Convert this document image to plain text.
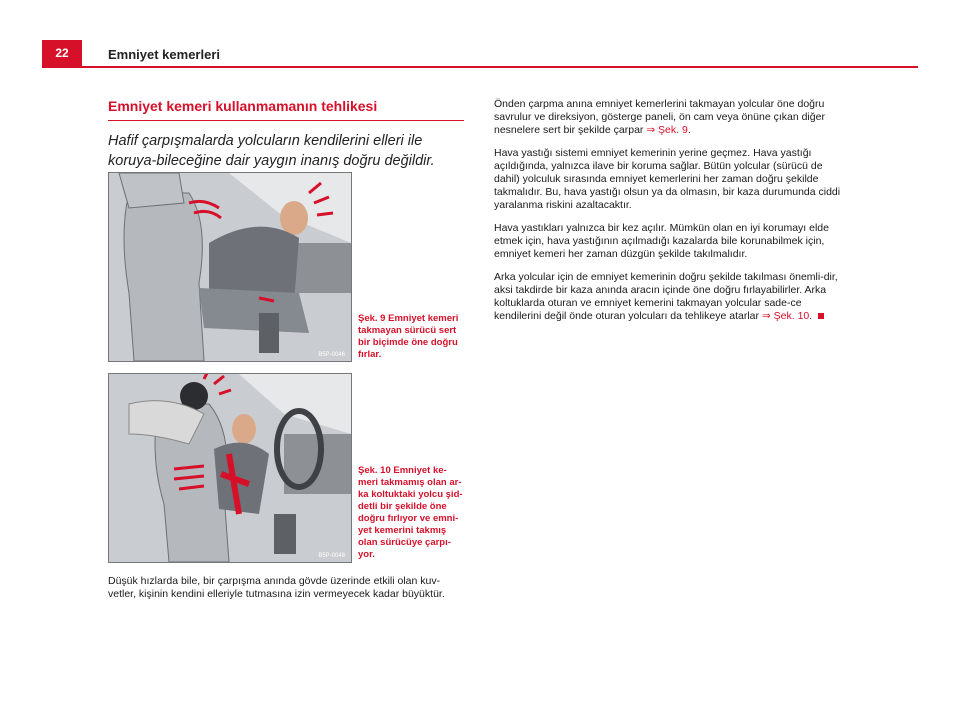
22	Emniyet kemerleri
Emniyet kemeri kullanmamanın tehlikesi

Hafif çarpışmalarda yolcuların kendilerini elleri ile koruya-bileceğine dair yaygın inanış doğru değildir.

B5P-0046

Şek. 9 Emniyet kemeri takmayan sürücü sert bir biçimde öne doğru fırlar.

B5P-0048

Şek. 10 Emniyet ke-meri takmamış olan ar-ka koltuktaki yolcu şid-detli bir şekilde öne doğru fırlıyor ve emni-yet kemerini takmış olan sürücüye çarpı-yor.

Düşük hızlarda bile, bir çarpışma anında gövde üzerinde etkili olan kuv-vetler, kişinin kendini elleriyle tutmasına izin vermeyecek kadar büyüktür.

Önden çarpma anına emniyet kemerlerini takmayan yolcular öne doğru savrulur ve direksiyon, gösterge paneli, ön cam veya önüne çıkan diğer nesnelere sert bir şekilde çarpar ⇒ Şek. 9.

Hava yastığı sistemi emniyet kemerinin yerine geçmez. Hava yastığı açıldığında, yalnızca ilave bir koruma sağlar. Bütün yolcular (sürücü de dahil) yolculuk sırasında emniyet kemerlerini her zaman doğru şekilde takmalıdır. Bu, hava yastığı olsun ya da olmasın, bir kaza durumunda ciddi yaralanma riskini azaltacaktır.

Hava yastıkları yalnızca bir kez açılır. Mümkün olan en iyi korumayı elde etmek için, hava yastığının açılmadığı kazalarda bile korunabilmek için, emniyet kemeri her zaman düzgün şekilde takılmalıdır.

Arka yolcular için de emniyet kemerinin doğru şekilde takılması önemli-dir, aksi takdirde bir kaza anında aracın içinde öne doğru fırlayabilirler. Arka koltuklarda oturan ve emniyet kemerini takmayan yolcular sade-ce kendilerini değil önde oturan yolcuları da tehlikeye atarlar ⇒ Şek. 10.
